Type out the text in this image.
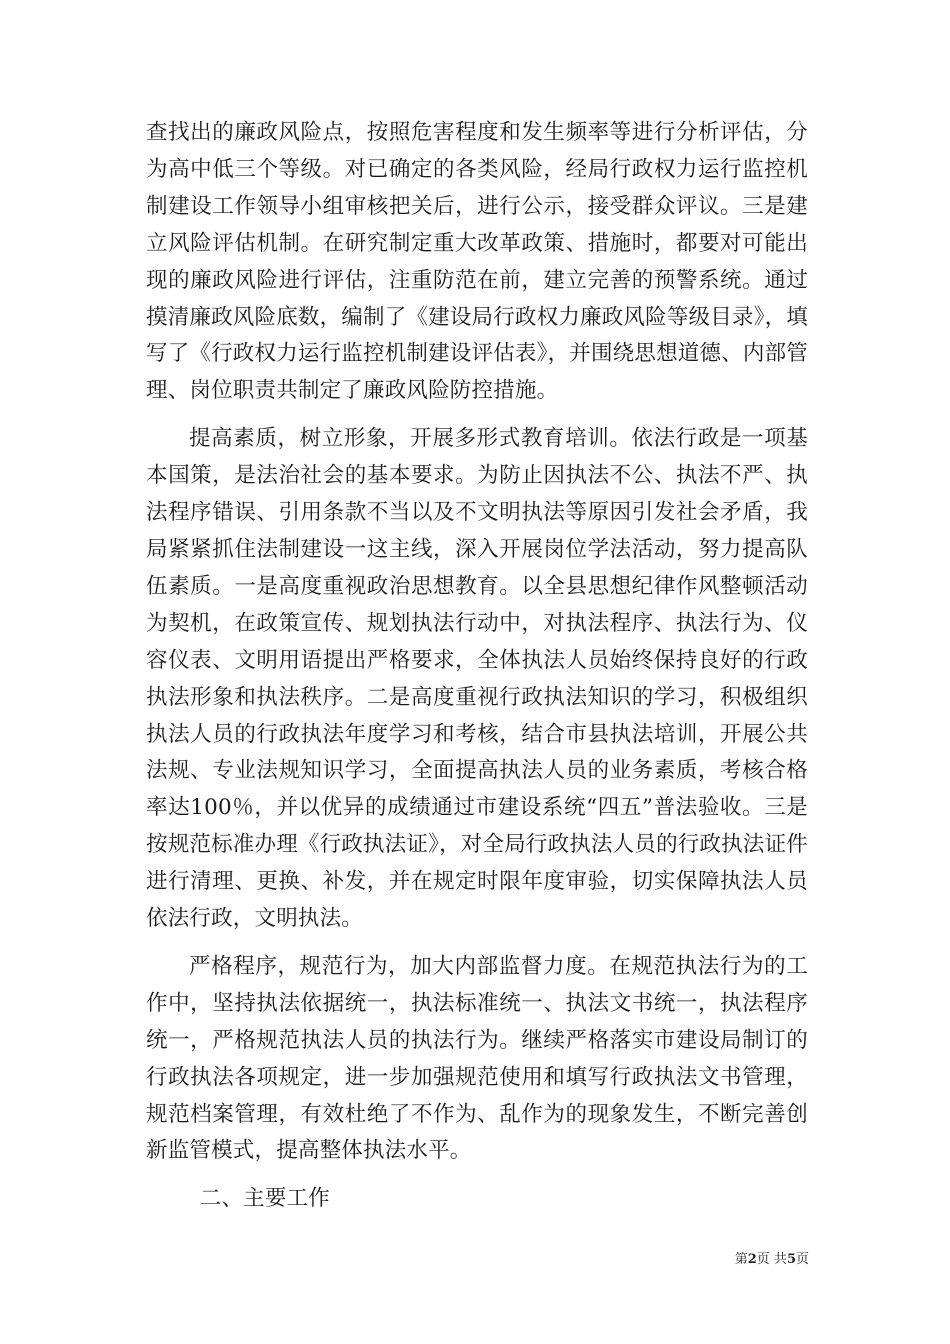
查找出的廉政风险点，按照危害程度和发生频率等进行分析评估，分为高中低三个等级。对已确定的各类风险，经局行政权力运行监控机制建设工作领导小组审核把关后，进行公示，接受群众评议。三是建立风险评估机制。在研究制定重大改革政策、措施时，都要对可能出现的廉政风险进行评估，注重防范在前，建立完善的预警系统。通过摸清廉政风险底数，编制了《建设局行政权力廉政风险等级目录》，填写了《行政权力运行监控机制建设评估表》，并围绕思想道德、内部管理、岗位职责共制定了廉政风险防控措施。

提高素质，树立形象，开展多形式教育培训。依法行政是一项基本国策，是法治社会的基本要求。为防止因执法不公、执法不严、执法程序错误、引用条款不当以及不文明执法等原因引发社会矛盾，我局紧紧抓住法制建设一这主线，深入开展岗位学法活动，努力提高队伍素质。一是高度重视政治思想教育。以全县思想纪律作风整顿活动为契机，在政策宣传、规划执法行动中，对执法程序、执法行为、仪容仪表、文明用语提出严格要求，全体执法人员始终保持良好的行政执法形象和执法秩序。二是高度重视行政执法知识的学习，积极组织执法人员的行政执法年度学习和考核，结合市县执法培训，开展公共法规、专业法规知识学习，全面提高执法人员的业务素质，考核合格率达100％，并以优异的成绩通过市建设系统“四五”普法验收。三是按规范标准办理《行政执法证》，对全局行政执法人员的行政执法证件进行清理、更换、补发，并在规定时限年度审验，切实保障执法人员依法行政，文明执法。

严格程序，规范行为，加大内部监督力度。在规范执法行为的工作中，坚持执法依据统一，执法标准统一、执法文书统一，执法程序统一，严格规范执法人员的执法行为。继续严格落实市建设局制订的行政执法各项规定，进一步加强规范使用和填写行政执法文书管理，规范档案管理，有效杜绝了不作为、乱作为的现象发生，不断完善创新监管模式，提高整体执法水平。

二、主要工作

第2页 共5页
